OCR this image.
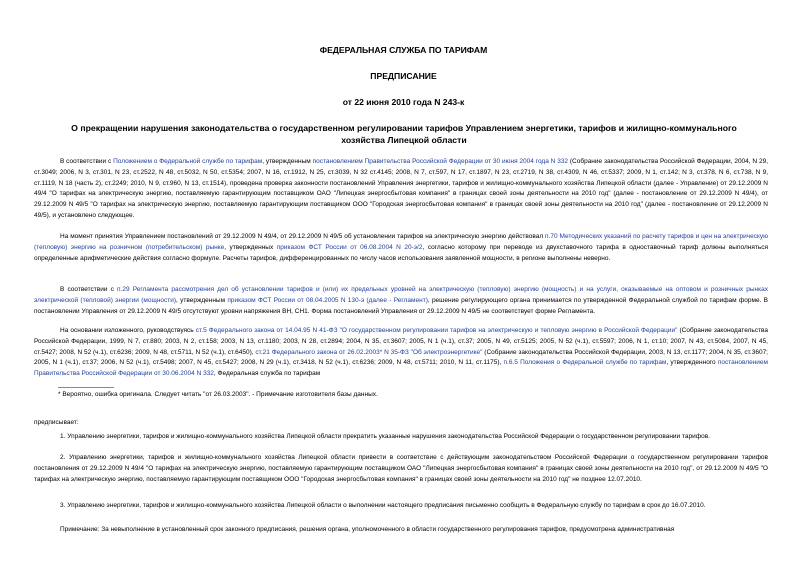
ФЕДЕРАЛЬНАЯ СЛУЖБА ПО ТАРИФАМ
ПРЕДПИСАНИЕ
от 22 июня 2010 года N 243-к
О прекращении нарушения законодательства о государственном регулировании тарифов Управлением энергетики, тарифов и жилищно-коммунального хозяйства Липецкой области

В соответствии с Положением о Федеральной службе по тарифам, утвержденным постановлением Правительства Российской Федерации от 30 июня 2004 года N 332 (Собрание законодательства Российской Федерации, 2004, N 29, ст.3049; 2006, N 3, ст.301, N 23, ст.2522, N 48, ст.5032, N 50, ст.5354; 2007, N 16, ст.1912, N 25, ст.3039, N 32 ст.4145; 2008, N 7, ст.597, N 17, ст.1897, N 23, ст.2719, N 38, ст.4309, N 46, ст.5337; 2009, N 1, ст.142; N 3, ст.378, N 6, ст.738, N 9, ст.1119, N 18 (часть 2), ст.2249; 2010, N 9, ст.960, N 13, ст.1514), проведена проверка законности постановлений Управления энергетики, тарифов и жилищно-коммунального хозяйства Липецкой области (далее - Управление) от 29.12.2009 N 49/4 "О тарифах на электрическую энергию, поставляемую гарантирующим поставщиком ОАО "Липецкая энергосбытовая компания" в границах своей зоны деятельности на 2010 год" (далее - постановление от 29.12.2009 N 49/4), от 29.12.2009 N 49/5 "О тарифах на электрическую энергию, поставляемую гарантирующим поставщиком ООО "Городская энергосбытовая компания" в границах своей зоны деятельности на 2010 год" (далее - постановление от 29.12.2009 N 49/5), и установлено следующее.

На момент принятия Управлением постановлений от 29.12.2009 N 49/4, от 29.12.2009 N 49/5 об установлении тарифов на электрическую энергию действовал п.70 Методических указаний по расчету тарифов и цен на электрическую (тепловую) энергию на розничном (потребительском) рынке, утвержденных приказом ФСТ России от 06.08.2004 N 20-э/2, согласно которому при переводе из двухставочного тарифа в одноставочный тариф должны выполняться определенные арифметические действия согласно формуле. Расчеты тарифов, дифференцированных по числу часов использования заявленной мощности, в регионе выполнены неверно.

В соответствии с п.29 Регламента рассмотрения дел об установлении тарифов и (или) их предельных уровней на электрическую (тепловую) энергию (мощность) и на услуги, оказываемые на оптовом и розничных рынках электрической (тепловой) энергии (мощности), утвержденным приказом ФСТ России от 08.04.2005 N 130-э (далее - Регламент), решение регулирующего органа принимается по утвержденной Федеральной службой по тарифам форме. В постановлении Управления от 29.12.2009 N 49/5 отсутствуют уровни напряжения ВН, СН1. Форма постановлений Управления от 29.12.2009 N 49/5 не соответствует форме Регламента.

На основании изложенного, руководствуясь ст.5 Федерального закона от 14.04.95 N 41-ФЗ "О государственном регулировании тарифов на электрическую и тепловую энергию в Российской Федерации" (Собрание законодательства Российской Федерации, 1999, N 7, ст.880; 2003, N 2, ст.158; 2003, N 13, ст.1180; 2003, N 28, ст.2894; 2004, N 35, ст.3607; 2005, N 1 (ч.1), ст.37; 2005, N 49, ст.5125; 2005, N 52 (ч.1), ст.5597; 2006, N 1, ст.10; 2007, N 43, ст.5084, 2007, N 45, ст.5427; 2008, N 52 (ч.1), ст.6236; 2009, N 48, ст.5711, N 52 (ч.1), ст.6450), ст.21 Федерального закона от 26.02.2003* N 35-ФЗ "Об электроэнергетике" (Собрание законодательства Российской Федерации, 2003, N 13, ст.1177; 2004, N 35, ст.3607; 2005, N 1 (ч.1), ст.37; 2006, N 52 (ч.1), ст.5498; 2007, N 45, ст.5427; 2008, N 29 (ч.1), ст.3418, N 52 (ч.1), ст.6236; 2009, N 48, ст.5711; 2010, N 11, ст.1175), п.6.5 Положения о Федеральной службе по тарифам, утвержденного постановлением Правительства Российской Федерации от 30.06.2004 N 332, Федеральная служба по тарифам

* Вероятно, ошибка оригинала. Следует читать "от 26.03.2003". - Примечание изготовителя базы данных.

предписывает:

1. Управлению энергетики, тарифов и жилищно-коммунального хозяйства Липецкой области прекратить указанные нарушения законодательства Российской Федерации о государственном регулировании тарифов.

2. Управлению энергетики, тарифов и жилищно-коммунального хозяйства Липецкой области привести в соответствие с действующим законодательством Российской Федерации о государственном регулировании тарифов постановления от 29.12.2009 N 49/4 "О тарифах на электрическую энергию, поставляемую гарантирующим поставщиком ОАО "Липецкая энергосбытовая компания" в границах своей зоны деятельности на 2010 год", от 29.12.2009 N 49/5 "О тарифах на электрическую энергию, поставляемую гарантирующим поставщиком ООО "Городская энергосбытовая компания" в границах своей зоны деятельности на 2010 год" не позднее 12.07.2010.

3. Управлению энергетики, тарифов и жилищно-коммунального хозяйства Липецкой области о выполнении настоящего предписания письменно сообщить в Федеральную службу по тарифам в срок до 16.07.2010.

Примечание: За невыполнение в установленный срок законного предписания, решения органа, уполномоченного в области государственного регулирования тарифов, предусмотрена административная
